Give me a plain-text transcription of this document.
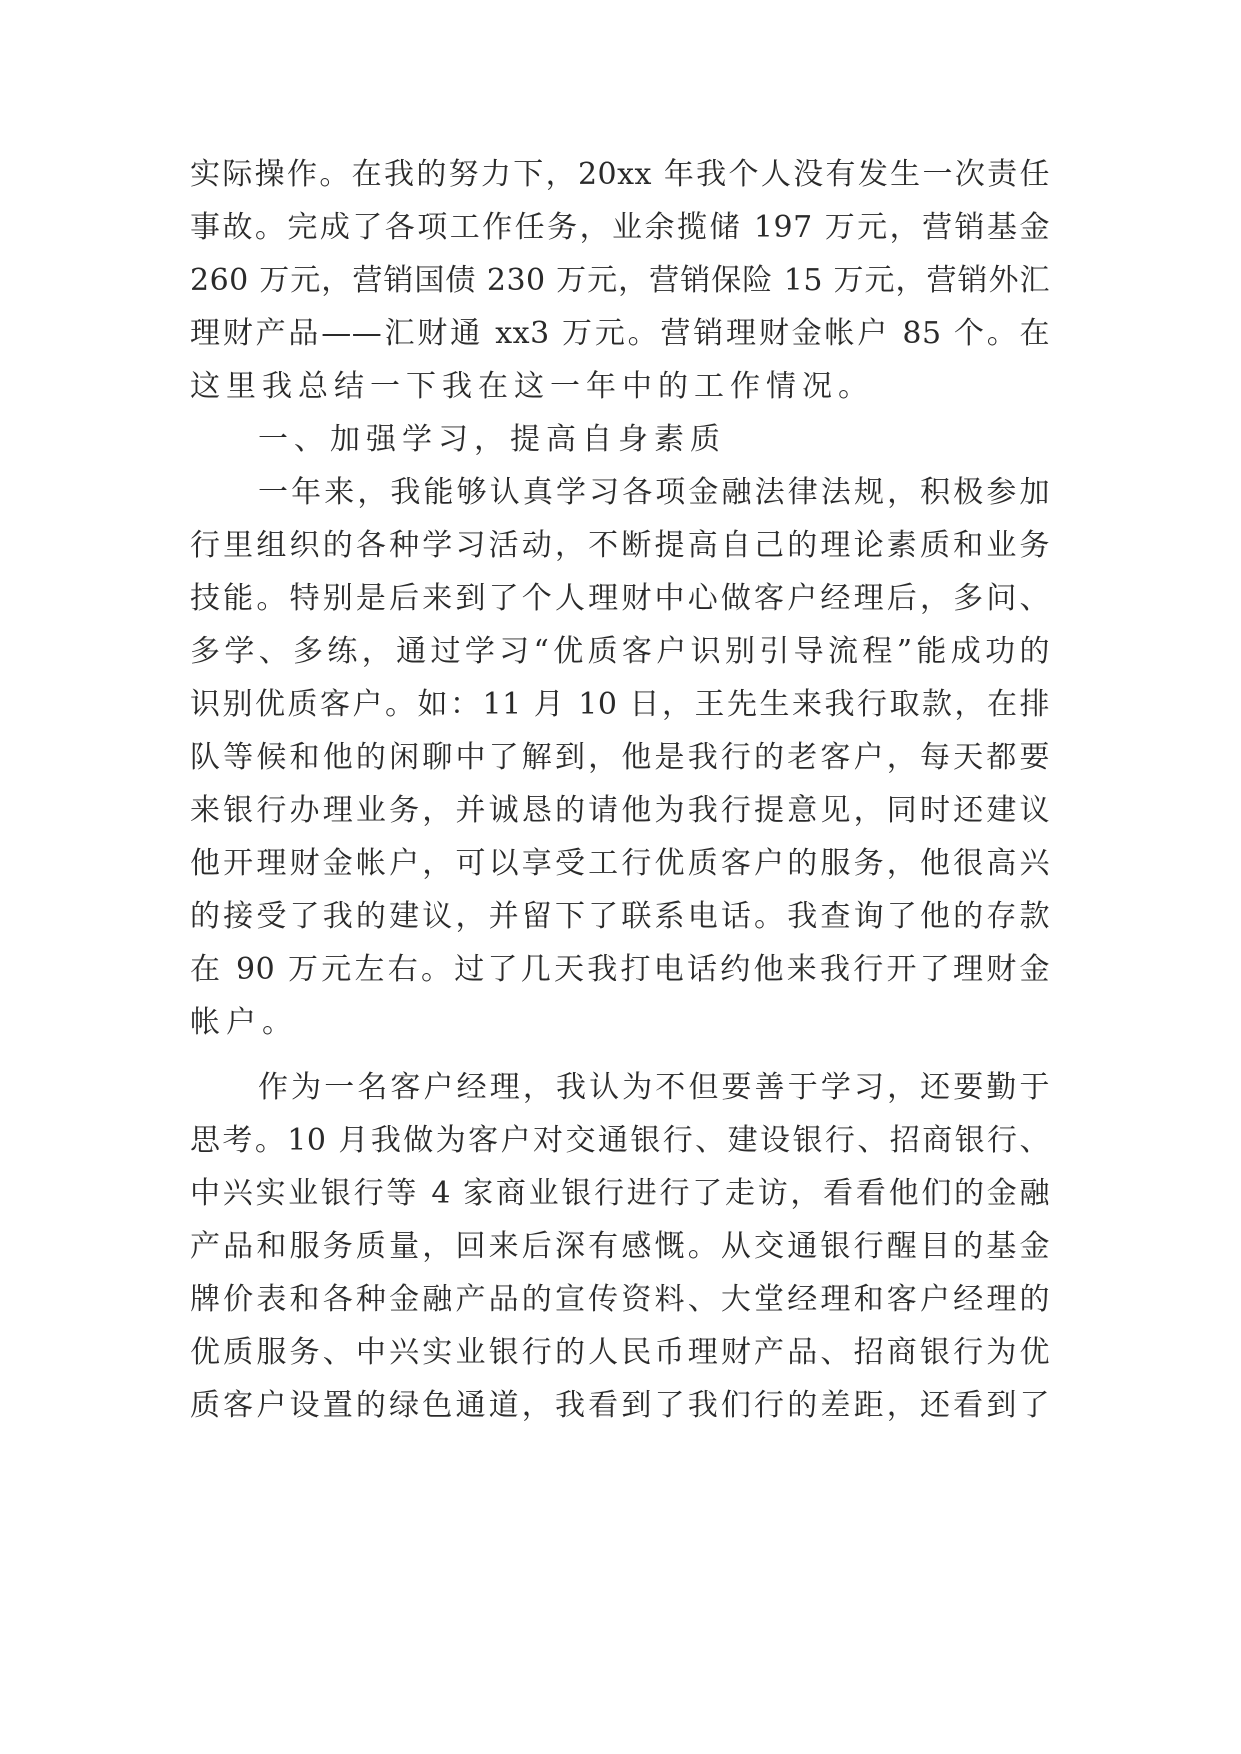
实际操作。在我的努力下，20xx 年我个人没有发生一次责任
事故。完成了各项工作任务，业余揽储 197 万元，营销基金
260 万元，营销国债 230 万元，营销保险 15 万元，营销外汇
理财产品——汇财通 xx3 万元。营销理财金帐户 85 个。在
这里我总结一下我在这一年中的工作情况。
一、加强学习，提高自身素质
一年来，我能够认真学习各项金融法律法规，积极参加
行里组织的各种学习活动，不断提高自己的理论素质和业务
技能。特别是后来到了个人理财中心做客户经理后，多问、
多学、多练，通过学习“优质客户识别引导流程”能成功的
识别优质客户。如：11 月 10 日，王先生来我行取款，在排
队等候和他的闲聊中了解到，他是我行的老客户，每天都要
来银行办理业务，并诚恳的请他为我行提意见，同时还建议
他开理财金帐户，可以享受工行优质客户的服务，他很高兴
的接受了我的建议，并留下了联系电话。我查询了他的存款
在 90 万元左右。过了几天我打电话约他来我行开了理财金
帐户。
作为一名客户经理，我认为不但要善于学习，还要勤于
思考。10 月我做为客户对交通银行、建设银行、招商银行、
中兴实业银行等 4 家商业银行进行了走访，看看他们的金融
产品和服务质量，回来后深有感慨。从交通银行醒目的基金
牌价表和各种金融产品的宣传资料、大堂经理和客户经理的
优质服务、中兴实业银行的人民币理财产品、招商银行为优
质客户设置的绿色通道，我看到了我们行的差距，还看到了
